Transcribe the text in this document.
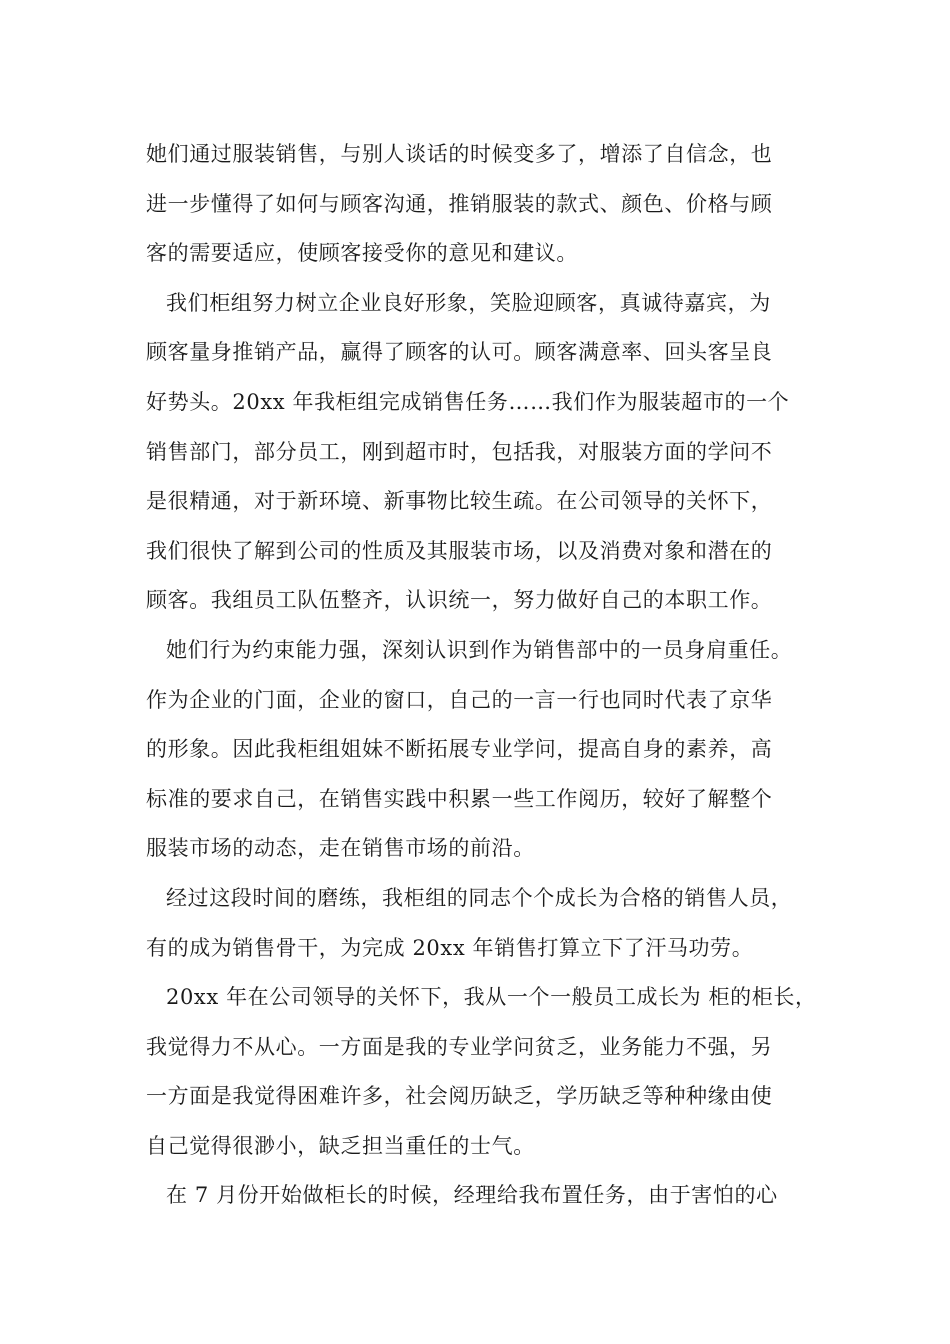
她们通过服装销售，与别人谈话的时候变多了，增添了自信念，也
进一步懂得了如何与顾客沟通，推销服装的款式、颜色、价格与顾
客的需要适应，使顾客接受你的意见和建议。
我们柜组努力树立企业良好形象，笑脸迎顾客，真诚待嘉宾，为
顾客量身推销产品，赢得了顾客的认可。顾客满意率、回头客呈良
好势头。20xx 年我柜组完成销售任务……我们作为服装超市的一个
销售部门，部分员工，刚到超市时，包括我，对服装方面的学问不
是很精通，对于新环境、新事物比较生疏。在公司领导的关怀下，
我们很快了解到公司的性质及其服装市场，以及消费对象和潜在的
顾客。我组员工队伍整齐，认识统一，努力做好自己的本职工作。
她们行为约束能力强，深刻认识到作为销售部中的一员身肩重任。
作为企业的门面，企业的窗口，自己的一言一行也同时代表了京华
的形象。因此我柜组姐妹不断拓展专业学问，提高自身的素养，高
标准的要求自己，在销售实践中积累一些工作阅历，较好了解整个
服装市场的动态，走在销售市场的前沿。
经过这段时间的磨练，我柜组的同志个个成长为合格的销售人员，
有的成为销售骨干，为完成 20xx 年销售打算立下了汗马功劳。
20xx 年在公司领导的关怀下，我从一个一般员工成长为 柜的柜长，
我觉得力不从心。一方面是我的专业学问贫乏，业务能力不强，另
一方面是我觉得困难许多，社会阅历缺乏，学历缺乏等种种缘由使
自己觉得很渺小，缺乏担当重任的士气。
在 7 月份开始做柜长的时候，经理给我布置任务，由于害怕的心
